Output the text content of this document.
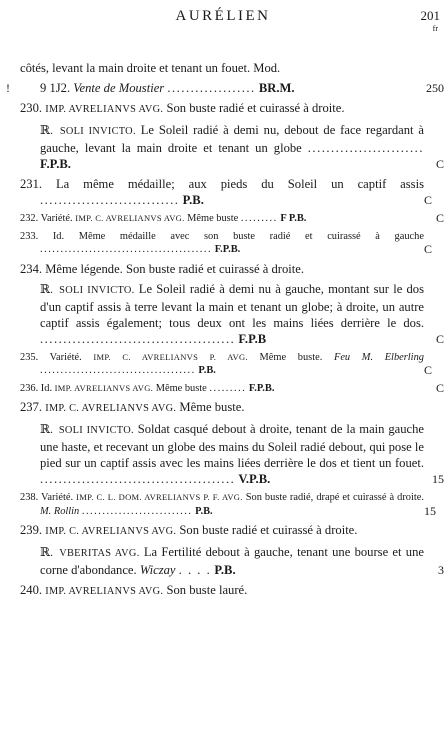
AURÉLIEN	201
fr
côtés, levant la main droite et tenant un fouet. Mod.
!	9 1J2. Vente de Moustier ................... BR.M.	250
230. IMP. AVRELIANVS AVG. Son buste radié et cuirassé à droite.
ℝ. SOLI INVICTO. Le Soleil radié à demi nu, debout de face regardant à gauche, levant la main droite et tenant un globe ......................... F.P.B.	C
231. La même médaille; aux pieds du Soleil un captif assis .............................. P.B.	C
232. Variété. IMP. C. AVRELIANVS AVG. Même buste ......... F P.B.	C
233. Id. Même médaille avec son buste radié et cuirassé à gauche .......................................... F.P.B.	C
234. Même légende. Son buste radié et cuirassé à droite.
ℝ. SOLI INVICTO. Le Soleil radié à demi nu à gauche, montant sur le dos d'un captif assis à terre levant la main et tenant un globe; à droite, un autre captif assis également; tous deux ont les mains liées derrière le dos. .......................................... F.P.B	C
235. Variété. IMP. C. AVRELIANVS P. AVG. Même buste. Feu M. Elberling ...................................... P.B.	C
236. Id. IMP. AVRELIANVS AVG. Même buste ......... F.P.B.	C
237. IMP. C. AVRELIANVS AVG. Même buste.
ℝ. SOLI INVICTO. Soldat casqué debout à droite, tenant de la main gauche une haste, et recevant un globe des mains du Soleil radié debout, qui pose le pied sur un captif assis avec les mains liées derrière le dos et tient un fouet. .......................................... V.P.B.	15
238. Variété. IMP. C. L. DOM. AVRELIANVS P. F. AVG. Son buste radié, drapé et cuirassé à droite. M. Rollin ........................... P.B.	15
239. IMP. C. AVRELIANVS AVG. Son buste radié et cuirassé à droite.
ℝ. VBERITAS AVG. La Fertilité debout à gauche, tenant une bourse et une corne d'abondance. Wiczay . . . . P.B.	3
240. IMP. AVRELIANVS AVG. Son buste lauré.
